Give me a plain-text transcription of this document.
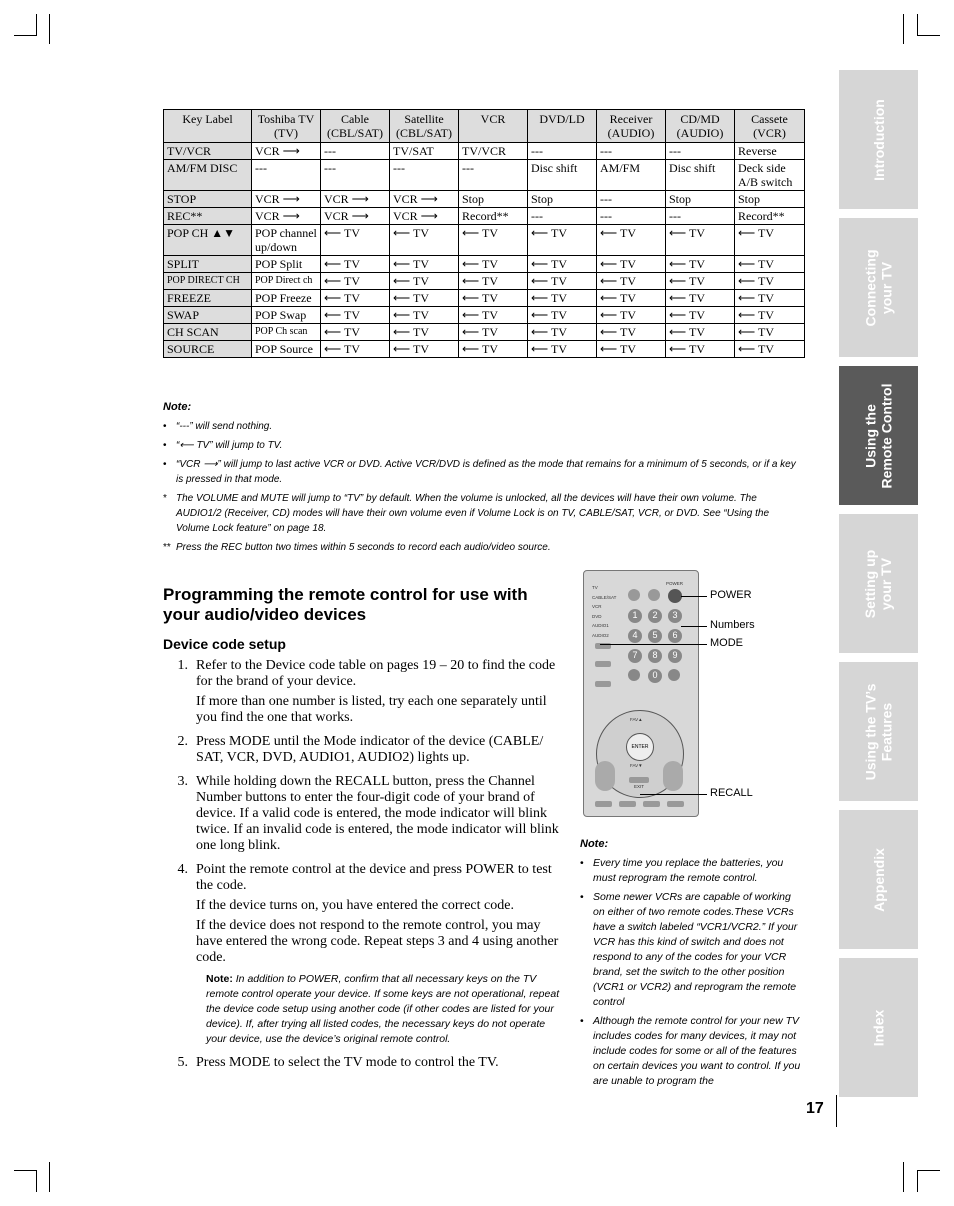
Key Label	Toshiba TV (TV)	Cable (CBL/SAT)	Satellite (CBL/SAT)	VCR	DVD/LD	Receiver (AUDIO)	CD/MD (AUDIO)	Cassete (VCR)
TV/VCR	VCR ⟶	---	TV/SAT	TV/VCR	---	---	---	Reverse
AM/FM DISC	---	---	---	---	Disc shift	AM/FM	Disc shift	Deck side A/B switch
STOP	VCR ⟶	VCR ⟶	VCR ⟶	Stop	Stop	---	Stop	Stop
REC**	VCR ⟶	VCR ⟶	VCR ⟶	Record**	---	---	---	Record**
POP CH ▲▼	POP channel up/down	⟵ TV	⟵ TV	⟵ TV	⟵ TV	⟵ TV	⟵ TV	⟵ TV
SPLIT	POP Split	⟵ TV	⟵ TV	⟵ TV	⟵ TV	⟵ TV	⟵ TV	⟵ TV
POP DIRECT CH	POP Direct ch	⟵ TV	⟵ TV	⟵ TV	⟵ TV	⟵ TV	⟵ TV	⟵ TV
FREEZE	POP Freeze	⟵ TV	⟵ TV	⟵ TV	⟵ TV	⟵ TV	⟵ TV	⟵ TV
SWAP	POP Swap	⟵ TV	⟵ TV	⟵ TV	⟵ TV	⟵ TV	⟵ TV	⟵ TV
CH SCAN	POP Ch scan	⟵ TV	⟵ TV	⟵ TV	⟵ TV	⟵ TV	⟵ TV	⟵ TV
SOURCE	POP Source	⟵ TV	⟵ TV	⟵ TV	⟵ TV	⟵ TV	⟵ TV	⟵ TV
Note:
• “---” will send nothing.
• “⟵ TV” will jump to TV.
• “VCR ⟶” will jump to last active VCR or DVD. Active VCR/DVD is defined as the mode that remains for a minimum of 5 seconds, or if a key is pressed in that mode.
* The VOLUME and MUTE will jump to “TV” by default. When the volume is unlocked, all the devices will have their own volume. The AUDIO1/2 (Receiver, CD) modes will have their own volume even if Volume Lock is on TV, CABLE/SAT, VCR, or DVD. See “Using the Volume Lock feature” on page 18.
** Press the REC button two times within 5 seconds to record each audio/video source.
Programming the remote control for use with your audio/video devices
Device code setup
1. Refer to the Device code table on pages 19 – 20 to find the code for the brand of your device.

If more than one number is listed, try each one separately until you find the one that works.

2. Press MODE until the Mode indicator of the device (CABLE/ SAT, VCR, DVD, AUDIO1, AUDIO2) lights up.

3. While holding down the RECALL button, press the Channel Number buttons to enter the four-digit code of your brand of device. If a valid code is entered, the mode indicator will blink twice. If an invalid code is entered, the mode indicator will blink one long blink.

4. Point the remote control at the device and press POWER to test the code.

If the device turns on, you have entered the correct code.

If the device does not respond to the remote control, you may have entered the wrong code. Repeat steps 3 and 4 using another code.

Note: In addition to POWER, confirm that all necessary keys on the TV remote control operate your device. If some keys are not operational, repeat the device code setup using another code (if other codes are listed for your device). If, after trying all listed codes, the necessary keys do not operate your device, use the device’s original remote control.
5. Press MODE to select the TV mode to control the TV.

TV
CABLE/SAT
VCR
DVD
AUDIO1
AUDIO2
POWER
1	2	3
4	5	6
7	8	9
0
ENTER
FAV▲
FAV▼
EXIT
POWER
Numbers
MODE
RECALL
Note:
• Every time you replace the batteries, you must reprogram the remote control.
• Some newer VCRs are capable of working on either of two remote codes.These VCRs have a switch labeled “VCR1/VCR2.” If your VCR has this kind of switch and does not respond to any of the codes for your VCR brand, set the switch to the other position (VCR1 or VCR2) and reprogram the remote control
• Although the remote control for your new TV includes codes for many devices, it may not include codes for some or all of the features on certain devices you want to control. If you are unable to program the
Introduction
Connecting
your TV
Using the
Remote Control
Setting up
your TV
Using the TV’s
Features
Appendix
Index
17
